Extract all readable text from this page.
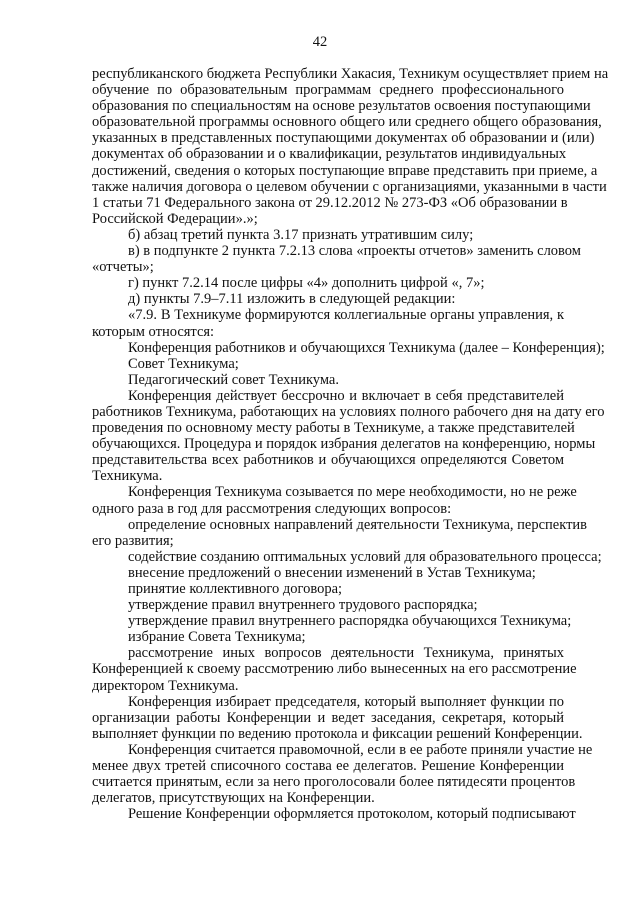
42
республиканского бюджета Республики Хакасия, Техникум осуществляет прием на
обучение по образовательным программам среднего профессионального
образования по специальностям на основе результатов освоения поступающими
образовательной программы основного общего или среднего общего образования,
указанных в представленных поступающими документах об образовании и (или)
документах об образовании и о квалификации, результатов индивидуальных
достижений, сведения о которых поступающие вправе представить при приеме, а
также наличия договора о целевом обучении с организациями, указанными в части
1 статьи 71 Федерального закона от 29.12.2012 № 273-ФЗ «Об образовании в
Российской Федерации».»;
б) абзац третий пункта 3.17 признать утратившим силу;
в) в подпункте 2 пункта 7.2.13 слова «проекты отчетов» заменить словом
«отчеты»;
г) пункт 7.2.14 после цифры «4» дополнить цифрой «, 7»;
д) пункты 7.9–7.11 изложить в следующей редакции:
«7.9. В Техникуме формируются коллегиальные органы управления, к
которым относятся:
Конференция работников и обучающихся Техникума (далее – Конференция);
Совет Техникума;
Педагогический совет Техникума.
Конференция действует бессрочно и включает в себя представителей
работников Техникума, работающих на условиях полного рабочего дня на дату его
проведения по основному месту работы в Техникуме, а также представителей
обучающихся. Процедура и порядок избрания делегатов на конференцию, нормы
представительства всех работников и обучающихся определяются Советом
Техникума.
Конференция Техникума созывается по мере необходимости, но не реже
одного раза в год для рассмотрения следующих вопросов:
определение основных направлений деятельности Техникума, перспектив
его развития;
содействие созданию оптимальных условий для образовательного процесса;
внесение предложений о внесении изменений в Устав Техникума;
принятие коллективного договора;
утверждение правил внутреннего трудового распорядка;
утверждение правил внутреннего распорядка обучающихся Техникума;
избрание Совета Техникума;
рассмотрение иных вопросов деятельности Техникума, принятых
Конференцией к своему рассмотрению либо вынесенных на его рассмотрение
директором Техникума.
Конференция избирает председателя, который выполняет функции по
организации работы Конференции и ведет заседания, секретаря, который
выполняет функции по ведению протокола и фиксации решений Конференции.
Конференция считается правомочной, если в ее работе приняли участие не
менее двух третей списочного состава ее делегатов. Решение Конференции
считается принятым, если за него проголосовали более пятидесяти процентов
делегатов, присутствующих на Конференции.
Решение Конференции оформляется протоколом, который подписывают
